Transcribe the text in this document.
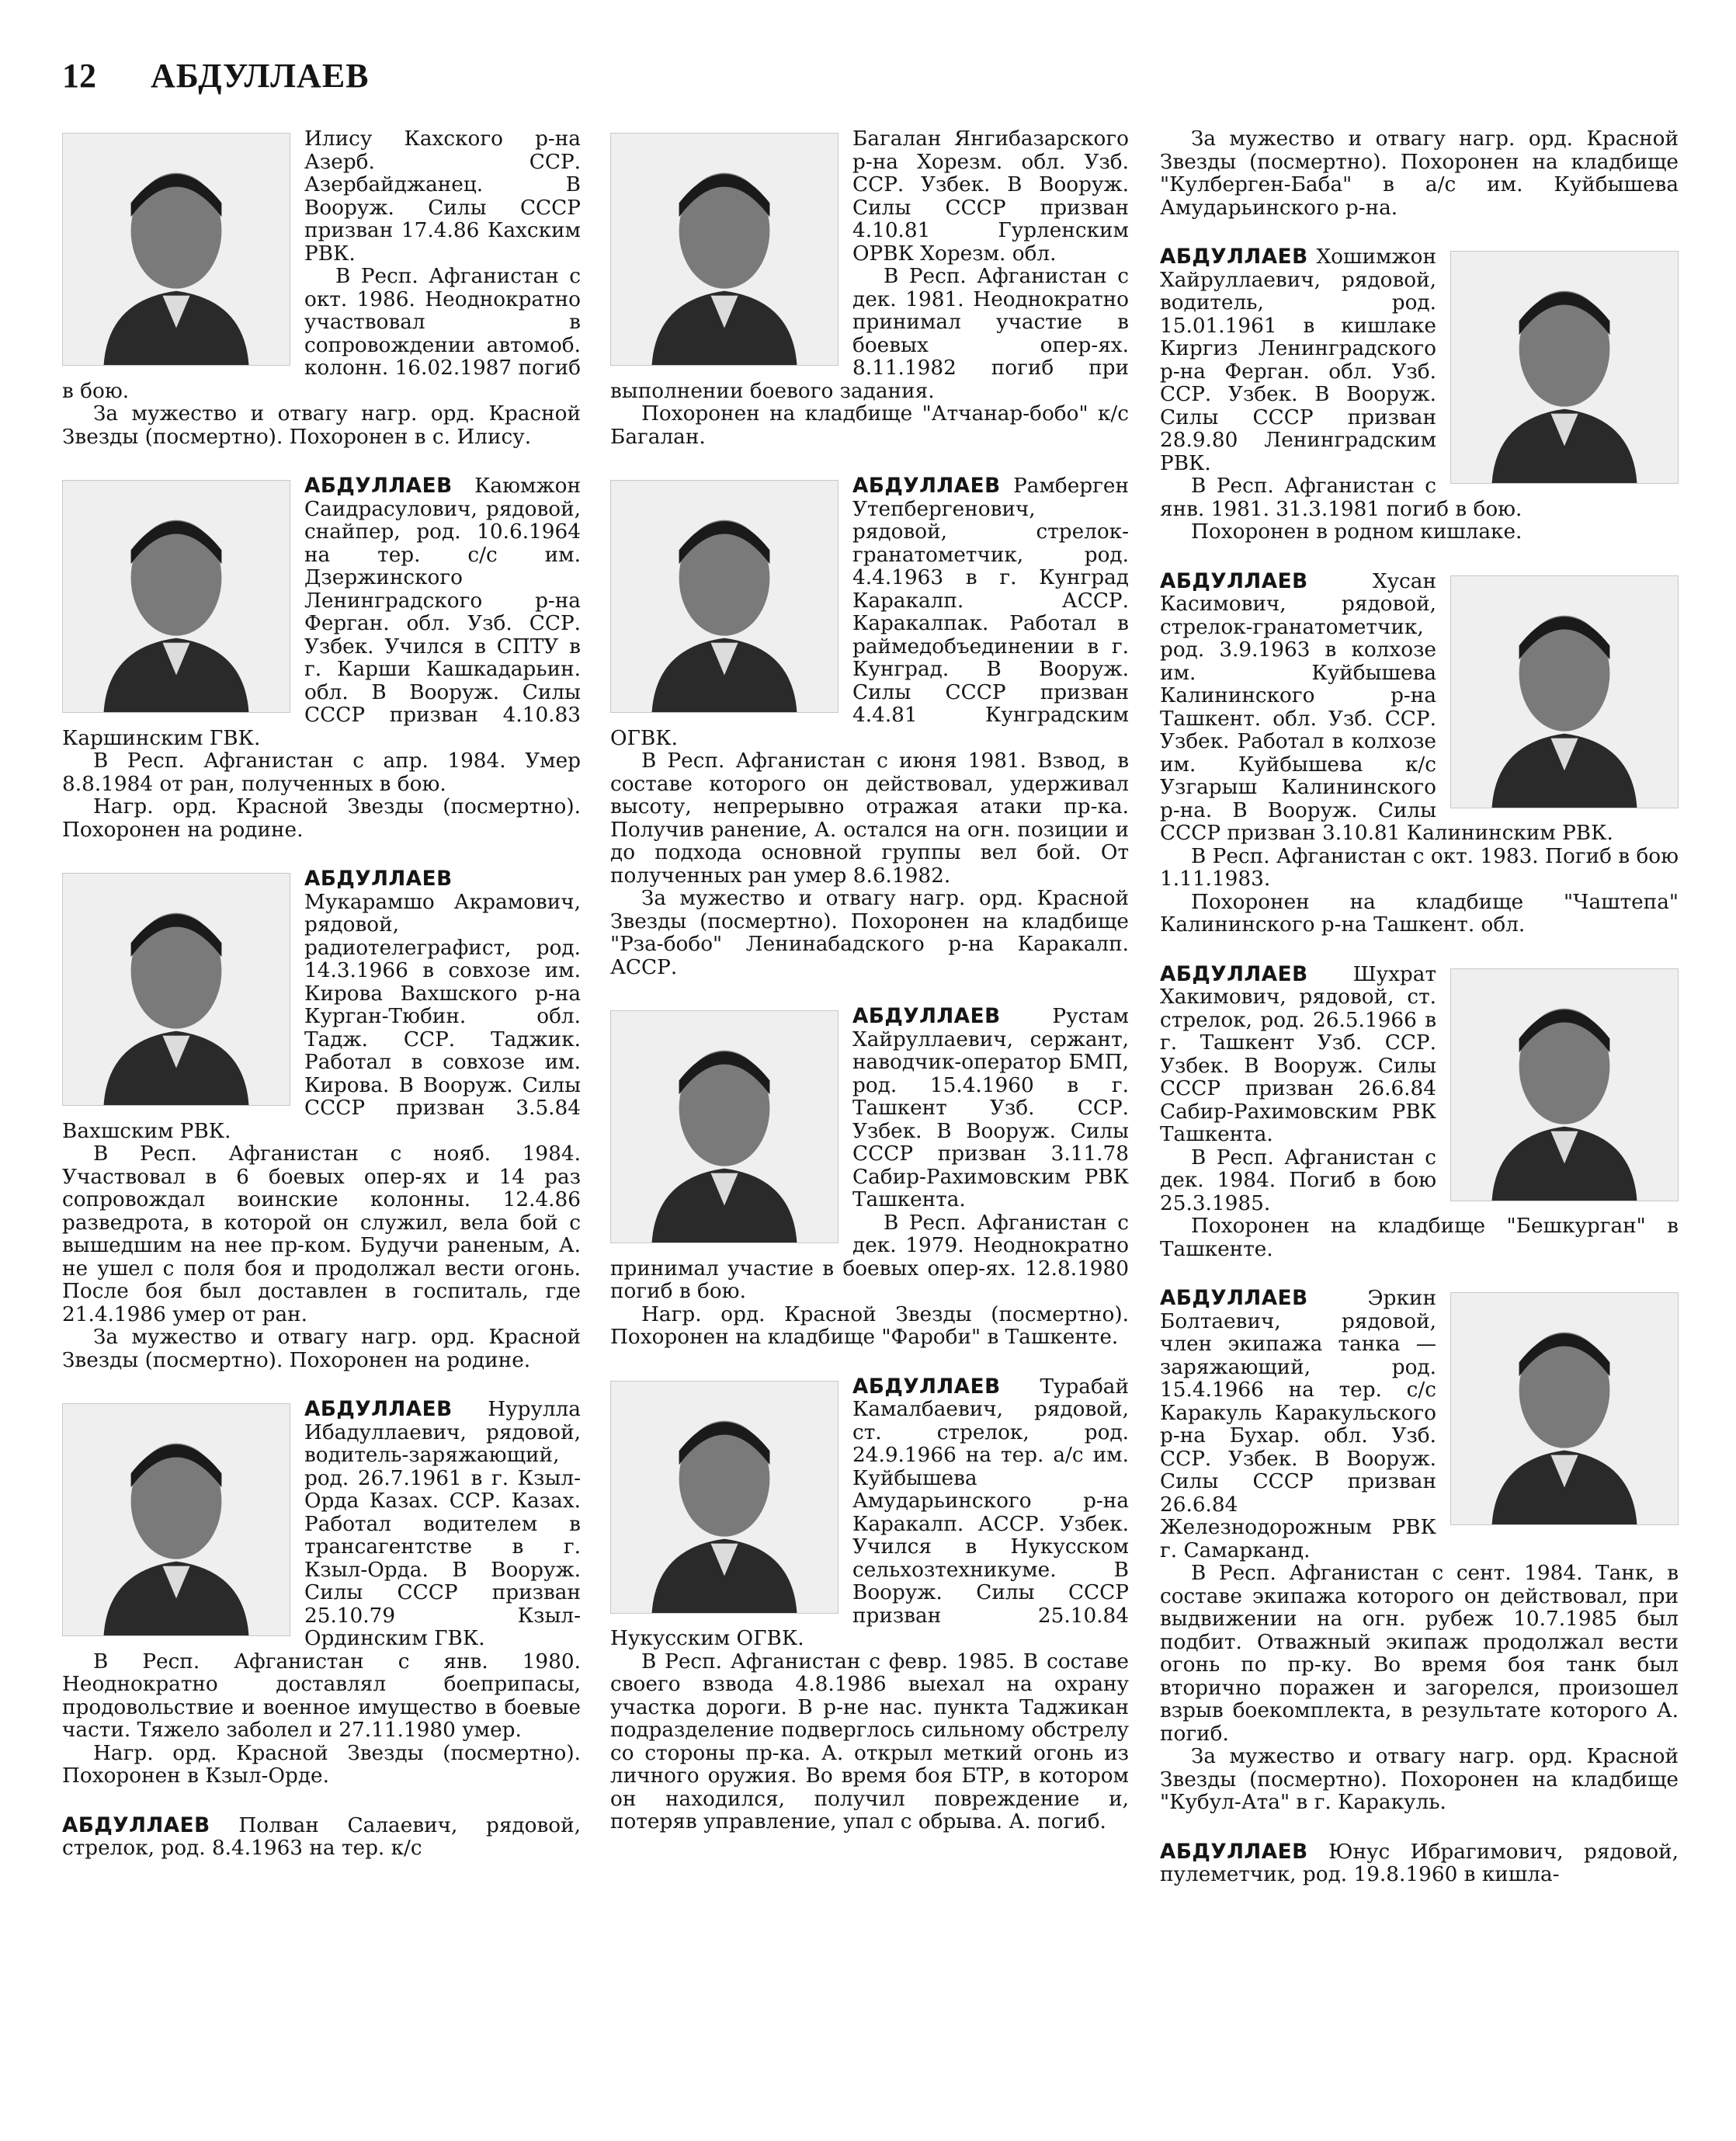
12 АБДУЛЛАЕВ
Илису Кахского р-на Азерб. ССР. Азербайджанец. В Вооруж. Силы СССР призван 17.4.86 Кахским РВК.
В Респ. Афганистан с окт. 1986. Неоднократно участвовал в сопровождении автомоб. колонн. 16.02.1987 погиб в бою.
За мужество и отвагу нагр. орд. Красной Звезды (посмертно). Похоронен в с. Илису.
АБДУЛЛАЕВ Каюмжон Саидрасулович, рядовой, снайпер, род. 10.6.1964 на тер. с/с им. Дзержинского Ленинградского р-на Ферган. обл. Узб. ССР. Узбек. Учился в СПТУ в г. Карши Кашкадарьин. обл. В Вооруж. Силы СССР призван 4.10.83 Каршинским ГВК.
В Респ. Афганистан с апр. 1984. Умер 8.8.1984 от ран, полученных в бою.
Нагр. орд. Красной Звезды (посмертно). Похоронен на родине.
АБДУЛЛАЕВ Мукарамшо Акрамович, рядовой, радиотелеграфист, род. 14.3.1966 в совхозе им. Кирова Вахшского р-на Курган-Тюбин. обл. Тадж. ССР. Таджик. Работал в совхозе им. Кирова. В Вооруж. Силы СССР призван 3.5.84 Вахшским РВК.
В Респ. Афганистан с нояб. 1984. Участвовал в 6 боевых опер-ях и 14 раз сопровождал воинские колонны. 12.4.86 разведрота, в которой он служил, вела бой с вышедшим на нее пр-ком. Будучи раненым, А. не ушел с поля боя и продолжал вести огонь. После боя был доставлен в госпиталь, где 21.4.1986 умер от ран.
За мужество и отвагу нагр. орд. Красной Звезды (посмертно). Похоронен на родине.
АБДУЛЛАЕВ Нурулла Ибадуллаевич, рядовой, водитель-заряжающий, род. 26.7.1961 в г. Кзыл-Орда Казах. ССР. Казах. Работал водителем в трансагентстве в г. Кзыл-Орда. В Вооруж. Силы СССР призван 25.10.79 Кзыл-Ординским ГВК.
В Респ. Афганистан с янв. 1980. Неоднократно доставлял боеприпасы, продовольствие и военное имущество в боевые части. Тяжело заболел и 27.11.1980 умер.
Нагр. орд. Красной Звезды (посмертно). Похоронен в Кзыл-Орде.
АБДУЛЛАЕВ Полван Салаевич, рядовой, стрелок, род. 8.4.1963 на тер. к/с
Багалан Янгибазарского р-на Хорезм. обл. Узб. ССР. Узбек. В Вооруж. Силы СССР призван 4.10.81 Гурленским ОРВК Хорезм. обл.
В Респ. Афганистан с дек. 1981. Неоднократно принимал участие в боевых опер-ях. 8.11.1982 погиб при выполнении боевого задания.
Похоронен на кладбище "Атчанар-бобо" к/с Багалан.
АБДУЛЛАЕВ Рамберген Утепбергенович, рядовой, стрелок-гранатометчик, род. 4.4.1963 в г. Кунград Каракалп. АССР. Каракалпак. Работал в раймедобъединении в г. Кунград. В Вооруж. Силы СССР призван 4.4.81 Кунградским ОГВК.
В Респ. Афганистан с июня 1981. Взвод, в составе которого он действовал, удерживал высоту, непрерывно отражая атаки пр-ка. Получив ранение, А. остался на огн. позиции и до подхода основной группы вел бой. От полученных ран умер 8.6.1982.
За мужество и отвагу нагр. орд. Красной Звезды (посмертно). Похоронен на кладбище "Рза-бобо" Ленинабадского р-на Каракалп. АССР.
АБДУЛЛАЕВ	Рустам Хайруллаевич, сержант, наводчик-оператор БМП, род. 15.4.1960 в г. Ташкент Узб. ССР. Узбек. В Вооруж. Силы СССР призван 3.11.78 Сабир-Рахимовским РВК Ташкента.
В Респ. Афганистан с дек. 1979. Неоднократно принимал участие в боевых опер-ях. 12.8.1980 погиб в бою.
Нагр. орд. Красной Звезды (посмертно). Похоронен на кладбище "Фароби" в Ташкенте.
АБДУЛЛАЕВ Турабай Камалбаевич, рядовой, ст. стрелок, род. 24.9.1966 на тер. а/с им. Куйбышева Амударьинского р-на Каракалп. АССР. Узбек. Учился в Нукусском сельхозтехникуме. В Вооруж. Силы СССР призван 25.10.84 Нукусским ОГВК.
В Респ. Афганистан с февр. 1985. В составе своего взвода 4.8.1986 выехал на охрану участка дороги. В р-не нас. пункта Таджикан подразделение подверглось сильному обстрелу со стороны пр-ка. А. открыл меткий огонь из личного оружия. Во время боя БТР, в котором он находился, получил повреждение и, потеряв управление, упал с обрыва. А. погиб.
За мужество и отвагу нагр. орд. Красной Звезды (посмертно). Похоронен на кладбище "Кулберген-Баба" в а/с им. Куйбышева Амударьинского р-на.
АБДУЛЛАЕВ Хошимжон Хайруллаевич, рядовой, водитель, род. 15.01.1961 в кишлаке Киргиз Ленинградского р-на Ферган. обл. Узб. ССР. Узбек. В Вооруж. Силы СССР призван 28.9.80 Ленинградским РВК.
В Респ. Афганистан с янв. 1981. 31.3.1981 погиб в бою.
Похоронен в родном кишлаке.
АБДУЛЛАЕВ	Хусан Касимович, рядовой, стрелок-гранатометчик, род. 3.9.1963 в колхозе им. Куйбышева Калининского р-на Ташкент. обл. Узб. ССР. Узбек. Работал в колхозе им. Куйбышева к/с Узгарыш Калининского р-на. В Вооруж. Силы СССР призван 3.10.81 Калининским РВК.
В Респ. Афганистан с окт. 1983. Погиб в бою 1.11.1983.
Похоронен на кладбище "Чаштепа" Калининского р-на Ташкент. обл.
АБДУЛЛАЕВ Шухрат Хакимович, рядовой, ст. стрелок, род. 26.5.1966 в г. Ташкент Узб. ССР. Узбек. В Вооруж. Силы СССР призван 26.6.84 Сабир-Рахимовским РВК Ташкента.
В Респ. Афганистан с дек. 1984. Погиб в бою 25.3.1985.
Похоронен на кладбище "Бешкурган" в Ташкенте.
АБДУЛЛАЕВ	Эркин Болтаевич, рядовой, член экипажа танка — заряжающий, род. 15.4.1966 на тер. с/с Каракуль Каракульского р-на Бухар. обл. Узб. ССР. Узбек. В Вооруж. Силы СССР призван 26.6.84 Железнодорожным РВК г. Самарканд.
В Респ. Афганистан с сент. 1984. Танк, в составе экипажа которого он действовал, при выдвижении на огн. рубеж 10.7.1985 был подбит. Отважный экипаж продолжал вести огонь по пр-ку. Во время боя танк был вторично поражен и загорелся, произошел взрыв боекомплекта, в результате которого А. погиб.
За мужество и отвагу нагр. орд. Красной Звезды (посмертно). Похоронен на кладбище "Кубул-Ата" в г. Каракуль.
АБДУЛЛАЕВ Юнус Ибрагимович, рядовой, пулеметчик, род. 19.8.1960 в кишла-
